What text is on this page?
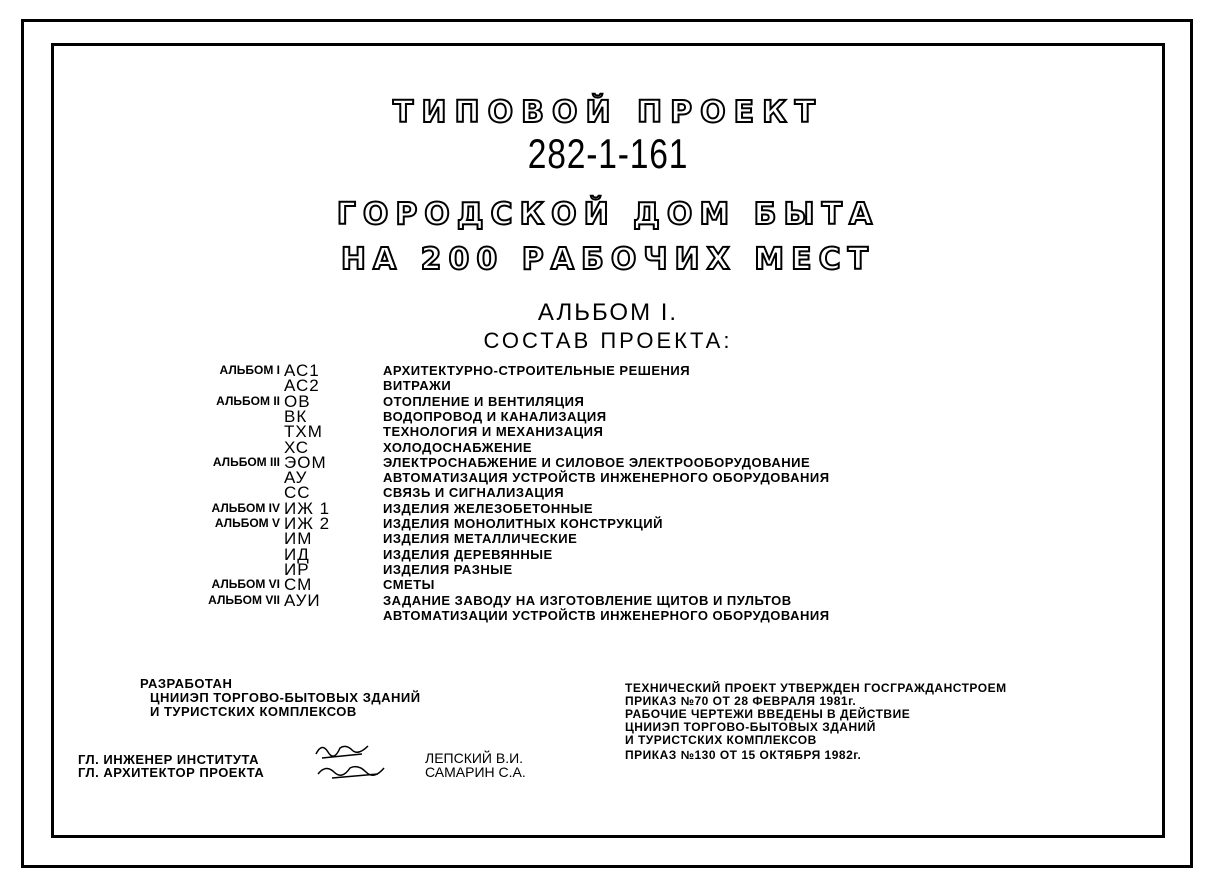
ТИПОВОЙ ПРОЕКТ
282-1-161
ГОРОДСКОЙ ДОМ БЫТА
НА 200 РАБОЧИХ МЕСТ
АЛЬБОМ I.
СОСТАВ ПРОЕКТА:
АЛЬБОМ I АС1	АРХИТЕКТУРНО-СТРОИТЕЛЬНЫЕ РЕШЕНИЯ
АС2	ВИТРАЖИ
АЛЬБОМ II ОВ	ОТОПЛЕНИЕ И ВЕНТИЛЯЦИЯ
ВК	ВОДОПРОВОД И КАНАЛИЗАЦИЯ
ТХМ	ТЕХНОЛОГИЯ И МЕХАНИЗАЦИЯ
ХС	ХОЛОДОСНАБЖЕНИЕ
АЛЬБОМ III ЭОМ	ЭЛЕКТРОСНАБЖЕНИЕ И СИЛОВОЕ ЭЛЕКТРООБОРУДОВАНИЕ
АУ	АВТОМАТИЗАЦИЯ УСТРОЙСТВ ИНЖЕНЕРНОГО ОБОРУДОВАНИЯ
СС	СВЯЗЬ И СИГНАЛИЗАЦИЯ
АЛЬБОМ IV ИЖ 1	ИЗДЕЛИЯ ЖЕЛЕЗОБЕТОННЫЕ
АЛЬБОМ V ИЖ 2	ИЗДЕЛИЯ МОНОЛИТНЫХ КОНСТРУКЦИЙ
ИМ	ИЗДЕЛИЯ МЕТАЛЛИЧЕСКИЕ
ИД	ИЗДЕЛИЯ ДЕРЕВЯННЫЕ
ИР	ИЗДЕЛИЯ РАЗНЫЕ
АЛЬБОМ VI СМ	СМЕТЫ
АЛЬБОМ VII АУИ	ЗАДАНИЕ ЗАВОДУ НА ИЗГОТОВЛЕНИЕ ЩИТОВ И ПУЛЬТОВ
АВТОМАТИЗАЦИИ УСТРОЙСТВ ИНЖЕНЕРНОГО ОБОРУДОВАНИЯ
РАЗРАБОТАН
ЦНИИЭП ТОРГОВО-БЫТОВЫХ ЗДАНИЙ
И ТУРИСТСКИХ КОМПЛЕКСОВ
ГЛ. ИНЖЕНЕР ИНСТИТУТА
ГЛ. АРХИТЕКТОР ПРОЕКТА
ЛЕПСКИЙ В.И.
САМАРИН С.А.
ТЕХНИЧЕСКИЙ ПРОЕКТ УТВЕРЖДЕН ГОСГРАЖДАНСТРОЕМ
ПРИКАЗ №70 ОТ 28 ФЕВРАЛЯ 1981г.
РАБОЧИЕ ЧЕРТЕЖИ ВВЕДЕНЫ В ДЕЙСТВИЕ
ЦНИИЭП ТОРГОВО-БЫТОВЫХ ЗДАНИЙ
И ТУРИСТСКИХ КОМПЛЕКСОВ
ПРИКАЗ №130 ОТ 15 ОКТЯБРЯ 1982г.
